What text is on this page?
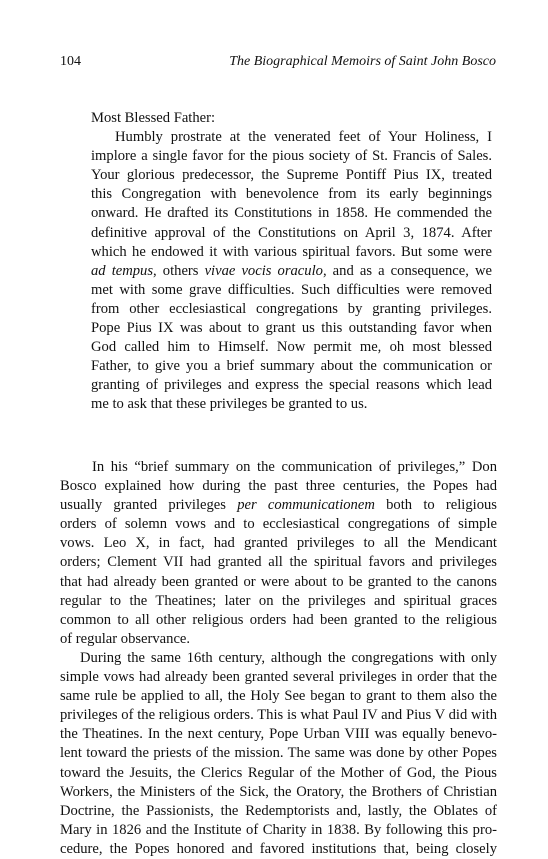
104	The Biographical Memoirs of Saint John Bosco

Most Blessed Father:

Humbly prostrate at the venerated feet of Your Holiness, I
implore a single favor for the pious society of St. Francis of Sales.
Your glorious predecessor, the Supreme Pontiff Pius IX, treated
this Congregation with benevolence from its early beginnings
onward. He drafted its Constitutions in 1858. He commended the
definitive approval of the Constitutions on April 3, 1874. After
which he endowed it with various spiritual favors. But some were
ad tempus, others vivae vocis oraculo, and as a consequence, we
met with some grave difficulties. Such difficulties were removed
from other ecclesiastical congregations by granting privileges.
Pope Pius IX was about to grant us this outstanding favor when
God called him to Himself. Now permit me, oh most blessed
Father, to give you a brief summary about the communication or
granting of privileges and express the special reasons which lead
me to ask that these privileges be granted to us.
In his “brief summary on the communication of privileges,” Don
Bosco explained how during the past three centuries, the Popes had
usually granted privileges per communicationem both to religious
orders of solemn vows and to ecclesiastical congregations of simple
vows. Leo X, in fact, had granted privileges to all the Mendicant
orders; Clement VII had granted all the spiritual favors and privileges
that had already been granted or were about to be granted to the canons
regular to the Theatines; later on the privileges and spiritual graces
common to all other religious orders had been granted to the religious
of regular observance.
During the same 16th century, although the congregations with only
simple vows had already been granted several privileges in order that the
same rule be applied to all, the Holy See began to grant to them also the
privileges of the religious orders. This is what Paul IV and Pius V did with
the Theatines. In the next century, Pope Urban VIII was equally benevo-
lent toward the priests of the mission. The same was done by other Popes
toward the Jesuits, the Clerics Regular of the Mother of God, the Pious
Workers, the Ministers of the Sick, the Oratory, the Brothers of Christian
Doctrine, the Passionists, the Redemptorists and, lastly, the Oblates of
Mary in 1826 and the Institute of Charity in 1838. By following this pro-
cedure, the Popes honored and favored institutions that, being closely
